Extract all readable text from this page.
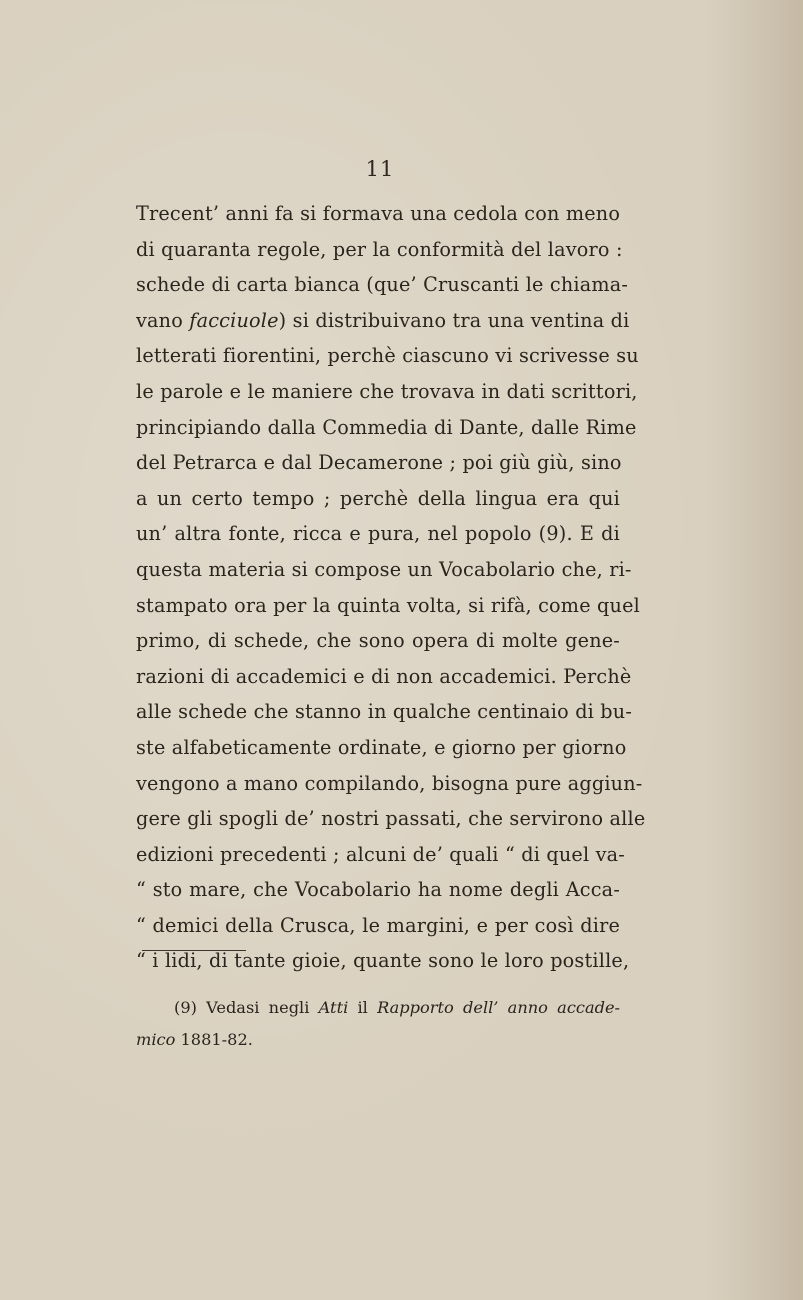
11
Trecent’ anni fa si formava una cedola con meno
di quaranta regole, per la conformità del lavoro :
schede di carta bianca (que’ Cruscanti le chiama-
vano facciuole) si distribuivano tra una ventina di
letterati fiorentini, perchè ciascuno vi scrivesse su
le parole e le maniere che trovava in dati scrittori,
principiando dalla Commedia di Dante, dalle Rime
del Petrarca e dal Decamerone ; poi giù giù, sino
a un certo tempo ; perchè della lingua era qui
un’ altra fonte, ricca e pura, nel popolo (9). E di
questa materia si compose un Vocabolario che, ri-
stampato ora per la quinta volta, si rifà, come quel
primo, di schede, che sono opera di molte gene-
razioni di accademici e di non accademici. Perchè
alle schede che stanno in qualche centinaio di bu-
ste alfabeticamente ordinate, e giorno per giorno
vengono a mano compilando, bisogna pure aggiun-
gere gli spogli de’ nostri passati, che servirono alle
edizioni precedenti ; alcuni de’ quali “ di quel va-
“ sto mare, che Vocabolario ha nome degli Acca-
“ demici della Crusca, le margini, e per così dire
“ i lidi, di tante gioie, quante sono le loro postille,
(9) Vedasi negli Atti il Rapporto dell’ anno accade-
mico 1881-82.
